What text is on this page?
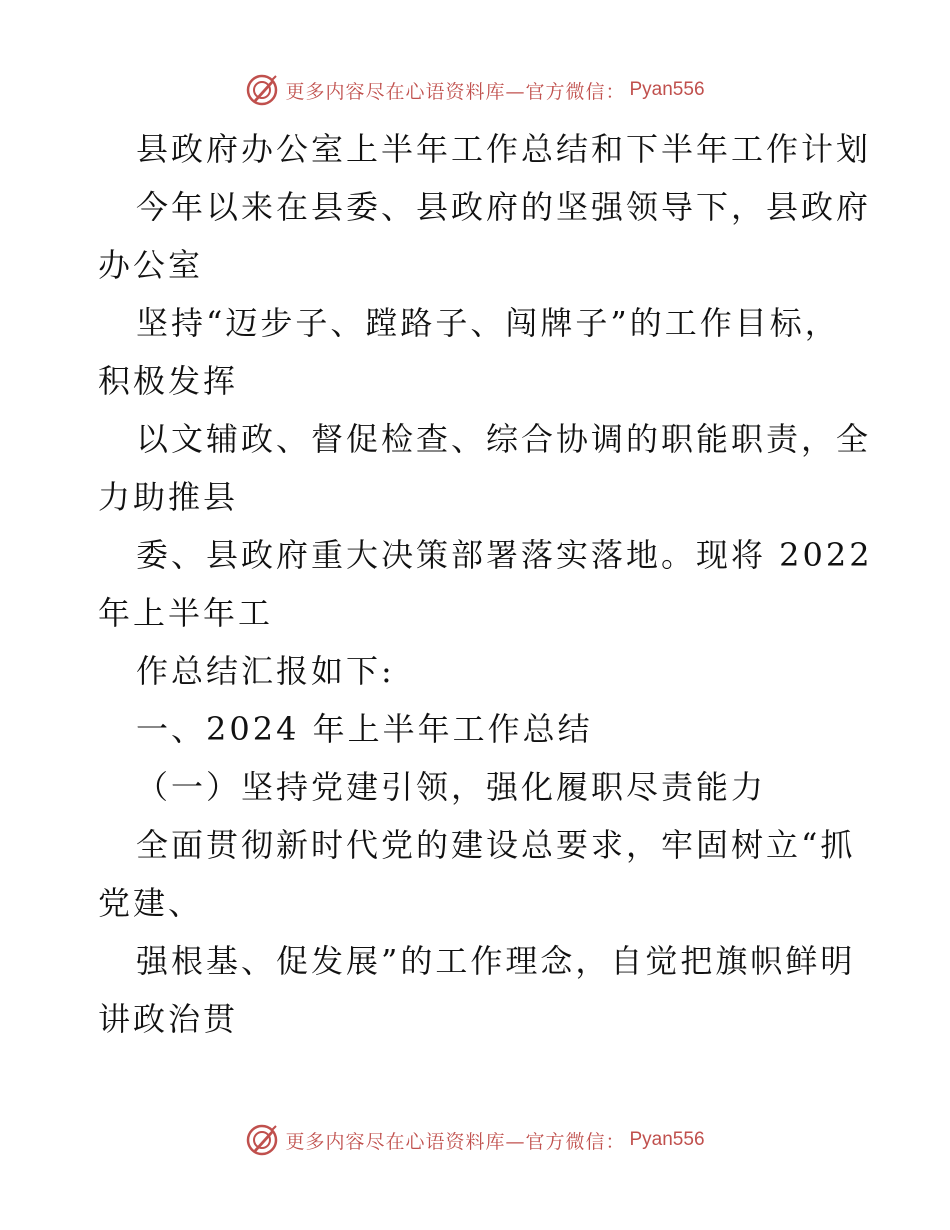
更多内容尽在心语资料库—官方微信： Pyan556
县政府办公室上半年工作总结和下半年工作计划
今年以来在县委、县政府的坚强领导下，县政府
办公室
坚持“迈步子、蹚路子、闯牌子”的工作目标，
积极发挥
以文辅政、督促检查、综合协调的职能职责，全
力助推县
委、县政府重大决策部署落实落地。现将 2022
年上半年工
作总结汇报如下:
一、2024 年上半年工作总结
（一）坚持党建引领，强化履职尽责能力
全面贯彻新时代党的建设总要求，牢固树立“抓
党建、
强根基、促发展”的工作理念，自觉把旗帜鲜明
讲政治贯
更多内容尽在心语资料库—官方微信： Pyan556
